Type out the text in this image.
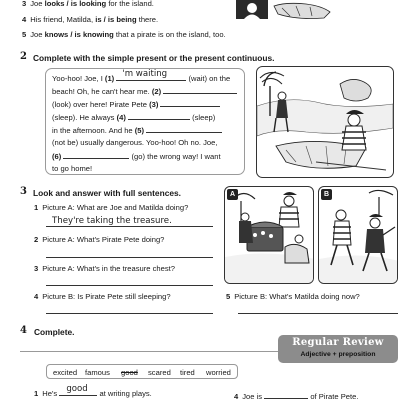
3 Joe looks / is looking for the island.
4 His friend, Matilda, is / is being there.
5 Joe knows / is knowing that a pirate is on the island, too.
2 Complete with the simple present or the present continuous.
Yoo-hoo! Joe, I (1) 'm waiting	(wait) on the
beach! Oh, he can't hear me. (2)
(look) over here! Pirate Pete (3)
(sleep). He always (4)	(sleep)
in the afternoon. And he (5)
(not be) usually dangerous. Yoo-hoo! Oh no. Joe,
(6)	(go) the wrong way! I want
to go home!
3 Look and answer with full sentences.
1 Picture A: What are Joe and Matilda doing?
They're taking the treasure.
2 Picture A: What's Pirate Pete doing?
3 Picture A: What's in the treasure chest?
4 Picture B: Is Pirate Pete still sleeping?	5 Picture B: What's Matilda doing now?
A	B
4 Complete.
Regular Review
Adjective + preposition
excited famous good scared tired worried
1 He's good at writing plays.	4 Joe is	of Pirate Pete.
